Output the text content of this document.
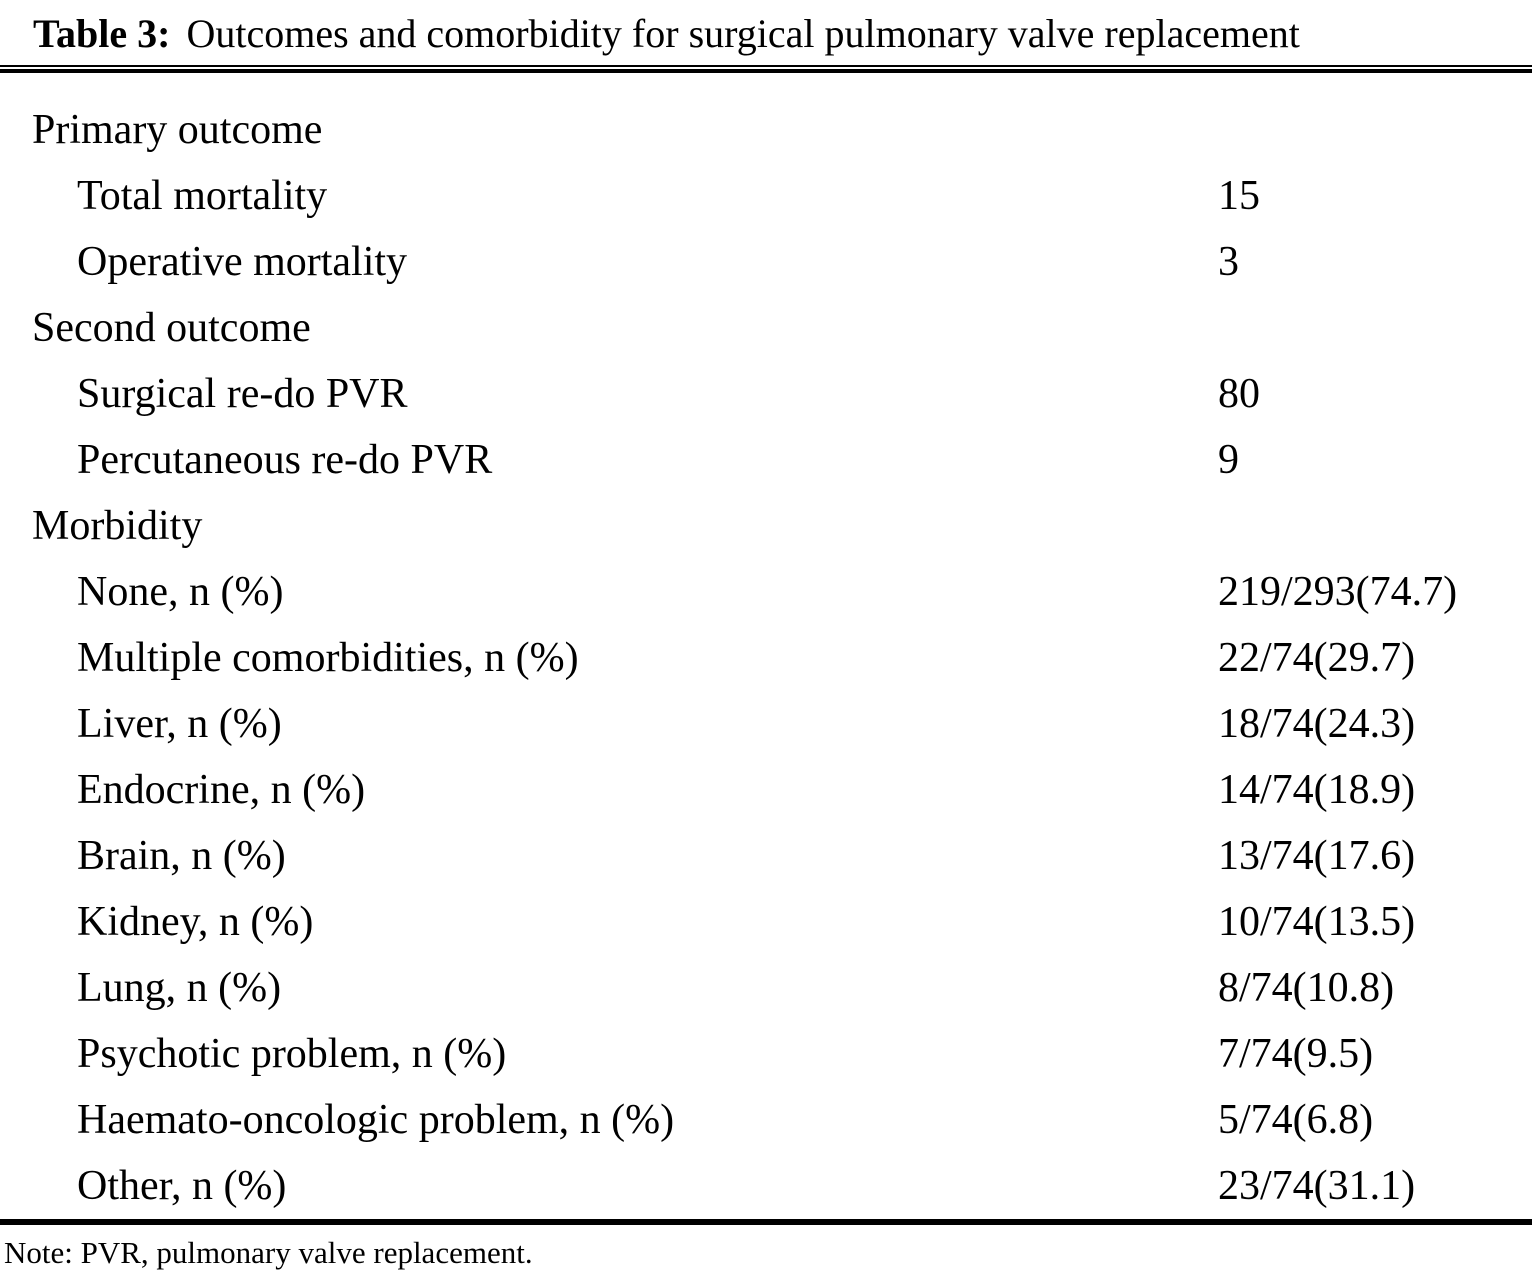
Table 3: Outcomes and comorbidity for surgical pulmonary valve replacement
Primary outcome
Total mortality	15
Operative mortality	3
Second outcome
Surgical re-do PVR	80
Percutaneous re-do PVR	9
Morbidity
None, n (%)	219/293(74.7)
Multiple comorbidities, n (%)	22/74(29.7)
Liver, n (%)	18/74(24.3)
Endocrine, n (%)	14/74(18.9)
Brain, n (%)	13/74(17.6)
Kidney, n (%)	10/74(13.5)
Lung, n (%)	8/74(10.8)
Psychotic problem, n (%)	7/74(9.5)
Haemato-oncologic problem, n (%)	5/74(6.8)
Other, n (%)	23/74(31.1)
Note: PVR, pulmonary valve replacement.
